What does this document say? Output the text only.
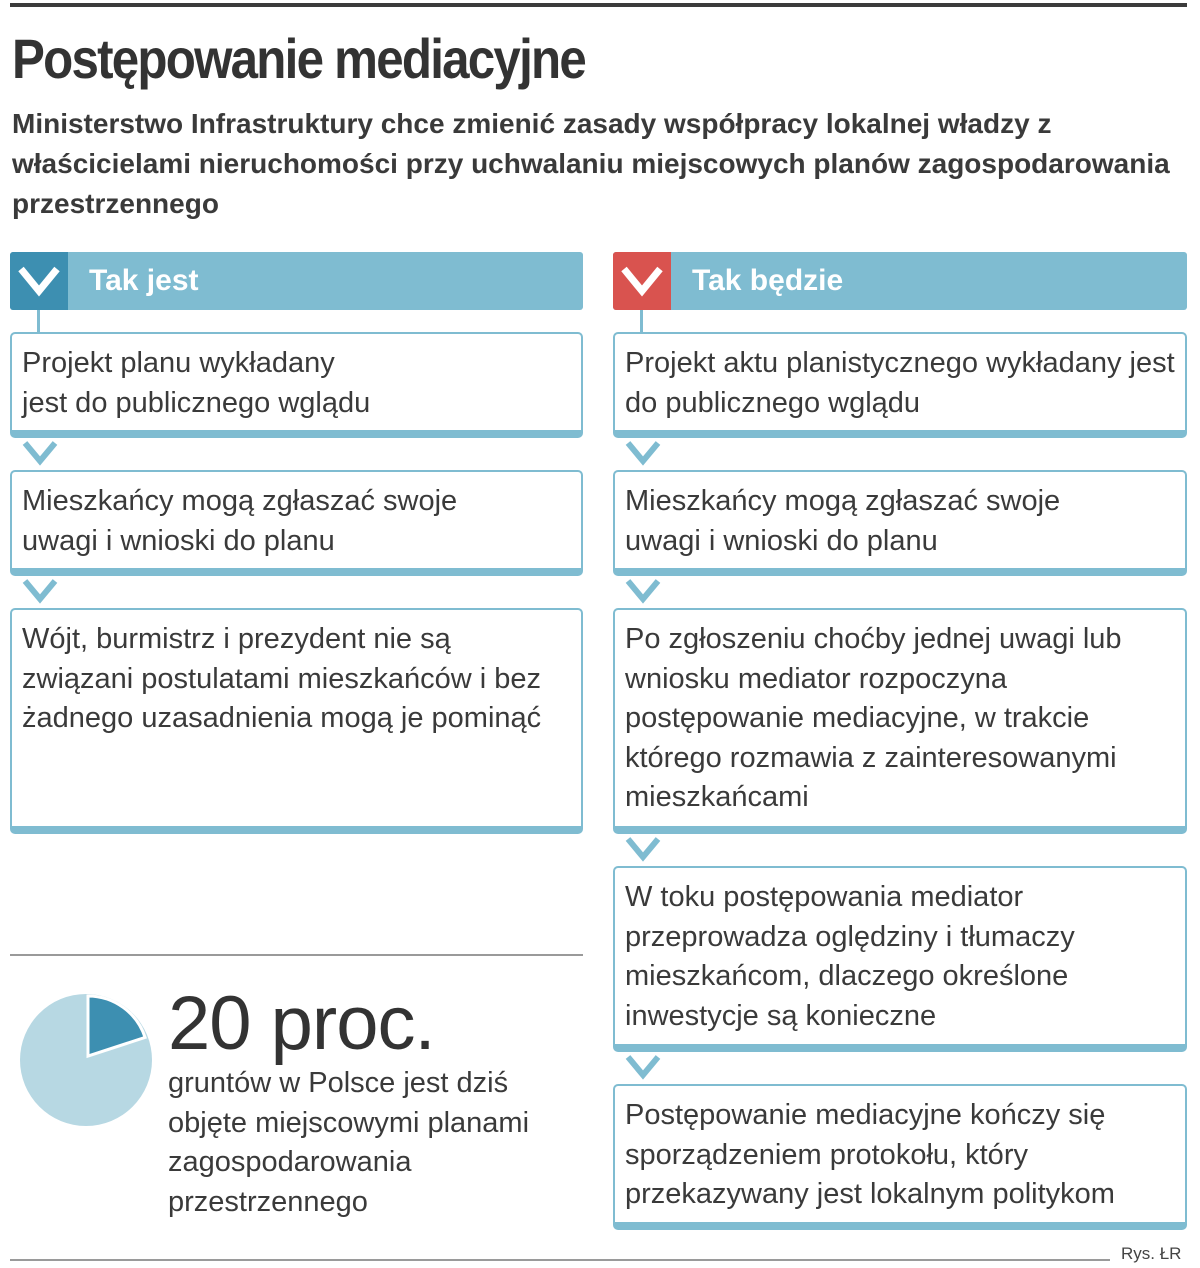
Postępowanie mediacyjne
Ministerstwo Infrastruktury chce zmienić zasady współpracy lokalnej władzy z właścicielami nieruchomości przy uchwalaniu miejscowych planów zagospodarowania przestrzennego
Tak jest
Projekt planu wykładany jest do publicznego wglądu
Mieszkańcy mogą zgłaszać swoje uwagi i wnioski do planu
Wójt, burmistrz i prezydent nie są związani postulatami mieszkańców i bez żadnego uzasadnienia mogą je pominąć
Tak będzie
Projekt aktu planistycznego wykładany jest do publicznego wglądu
Mieszkańcy mogą zgłaszać swoje uwagi i wnioski do planu
Po zgłoszeniu choćby jednej uwagi lub wniosku mediator rozpoczyna postępowanie mediacyjne, w trakcie którego rozmawia z zainteresowanymi mieszkańcami
W toku postępowania mediator przeprowadza oględziny i tłumaczy mieszkańcom, dlaczego określone inwestycje są konieczne
Postępowanie mediacyjne kończy się sporządzeniem protokołu, który przekazywany jest lokalnym politykom
20 proc.
gruntów w Polsce jest dziś objęte miejscowymi planami zagospodarowania przestrzennego
Rys. ŁR
